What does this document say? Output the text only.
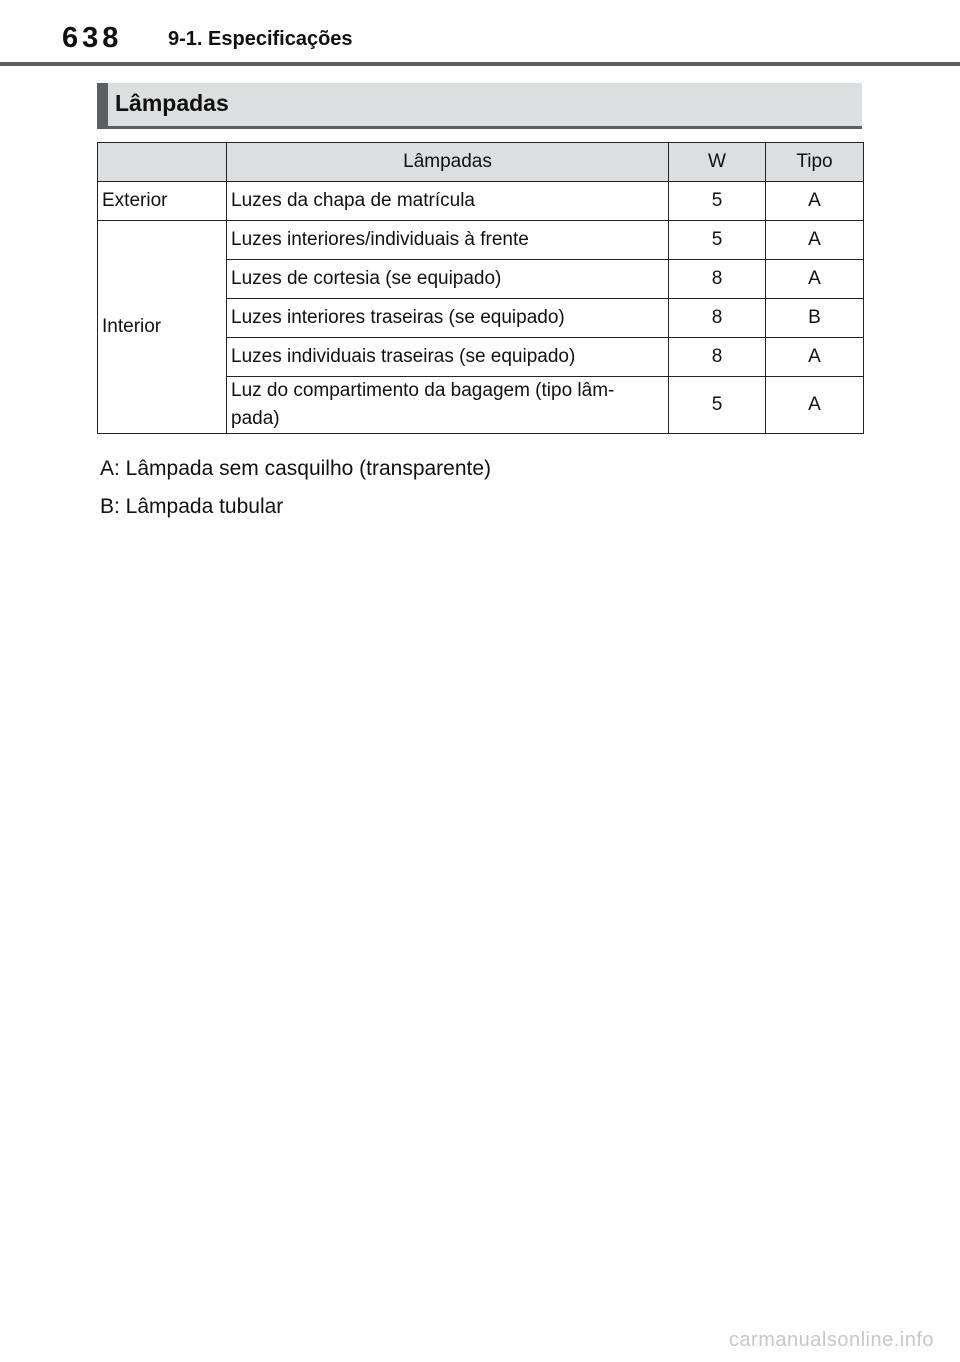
638 9-1. Especificações
Lâmpadas
	Lâmpadas	W	Tipo
Exterior	Luzes da chapa de matrícula	5	A
Interior	Luzes interiores/individuais à frente	5	A
	Luzes de cortesia (se equipado)	8	A
	Luzes interiores traseiras (se equipado)	8	B
	Luzes individuais traseiras (se equipado)	8	A
	Luz do compartimento da bagagem (tipo lâm-
pada)	5	A

A: Lâmpada sem casquilho (transparente)

B: Lâmpada tubular

carmanualsonline.info
